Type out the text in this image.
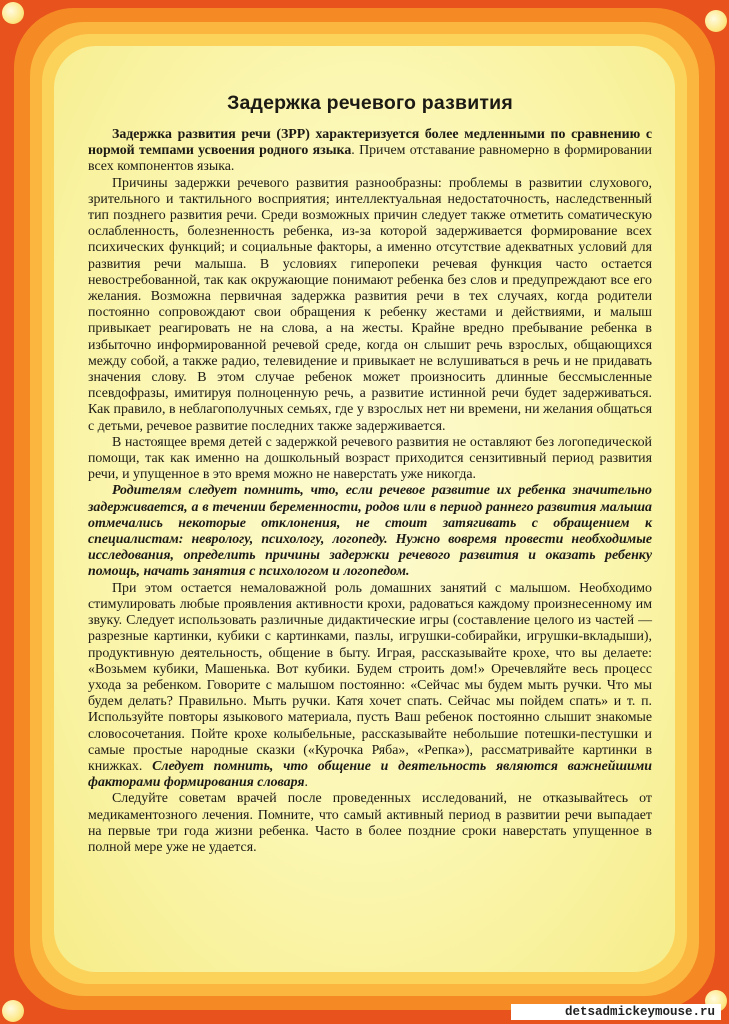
Задержка речевого развития

Задержка развития речи (ЗРР) характеризуется более медленными по сравнению с нормой темпами усвоения родного языка. Причем отставание равномерно в формировании всех компонентов языка.

Причины задержки речевого развития разнообразны: проблемы в развитии слухового, зрительного и тактильного восприятия; интеллектуальная недостаточность, наследственный тип позднего развития речи. Среди возможных причин следует также отметить соматическую ослабленность, болезненность ребенка, из-за которой задерживается формирование всех психических функций; и социальные факторы, а именно отсутствие адекватных условий для развития речи малыша. В условиях гиперопеки речевая функция часто остается невостребованной, так как окружающие понимают ребенка без слов и предупреждают все его желания. Возможна первичная задержка развития речи в тех случаях, когда родители постоянно сопровождают свои обращения к ребенку жестами и действиями, и малыш привыкает реагировать не на слова, а на жесты. Крайне вредно пребывание ребенка в избыточно информированной речевой среде, когда он слышит речь взрослых, общающихся между собой, а также радио, телевидение и привыкает не вслушиваться в речь и не придавать значения слову. В этом случае ребенок может произносить длинные бессмысленные псевдофразы, имитируя полноценную речь, а развитие истинной речи будет задерживаться. Как правило, в неблагополучных семьях, где у взрослых нет ни времени, ни желания общаться с детьми, речевое развитие последних также задерживается.

В настоящее время детей с задержкой речевого развития не оставляют без логопедической помощи, так как именно на дошкольный возраст приходится сензитивный период развития речи, и упущенное в это время можно не наверстать уже никогда.

Родителям следует помнить, что, если речевое развитие их ребенка значительно задерживается, а в течении беременности, родов или в период раннего развития малыша отмечались некоторые отклонения, не стоит затягивать с обращением к специалистам: неврологу, психологу, логопеду. Нужно вовремя провести необходимые исследования, определить причины задержки речевого развития и оказать ребенку помощь, начать занятия с психологом и логопедом.

При этом остается немаловажной роль домашних занятий с малышом. Необходимо стимулировать любые проявления активности крохи, радоваться каждому произнесенному им звуку. Следует использовать различные дидактические игры (составление целого из частей — разрезные картинки, кубики с картинками, пазлы, игрушки-собирайки, игрушки-вкладыши), продуктивную деятельность, общение в быту. Играя, рассказывайте крохе, что вы делаете: «Возьмем кубики, Машенька. Вот кубики. Будем строить дом!» Оречевляйте весь процесс ухода за ребенком. Говорите с малышом постоянно: «Сейчас мы будем мыть ручки. Что мы будем делать? Правильно. Мыть ручки. Катя хочет спать. Сейчас мы пойдем спать» и т. п. Используйте повторы языкового материала, пусть Ваш ребенок постоянно слышит знакомые словосочетания. Пойте крохе колыбельные, рассказывайте небольшие потешки-пестушки и самые простые народные сказки («Курочка Ряба», «Репка»), рассматривайте картинки в книжках. Следует помнить, что общение и деятельность являются важнейшими факторами формирования словаря.

Следуйте советам врачей после проведенных исследований, не отказывайтесь от медикаментозного лечения. Помните, что самый активный период в развитии речи выпадает на первые три года жизни ребенка. Часто в более поздние сроки наверстать упущенное в полной мере уже не удается.

detsadmickeymouse.ru
